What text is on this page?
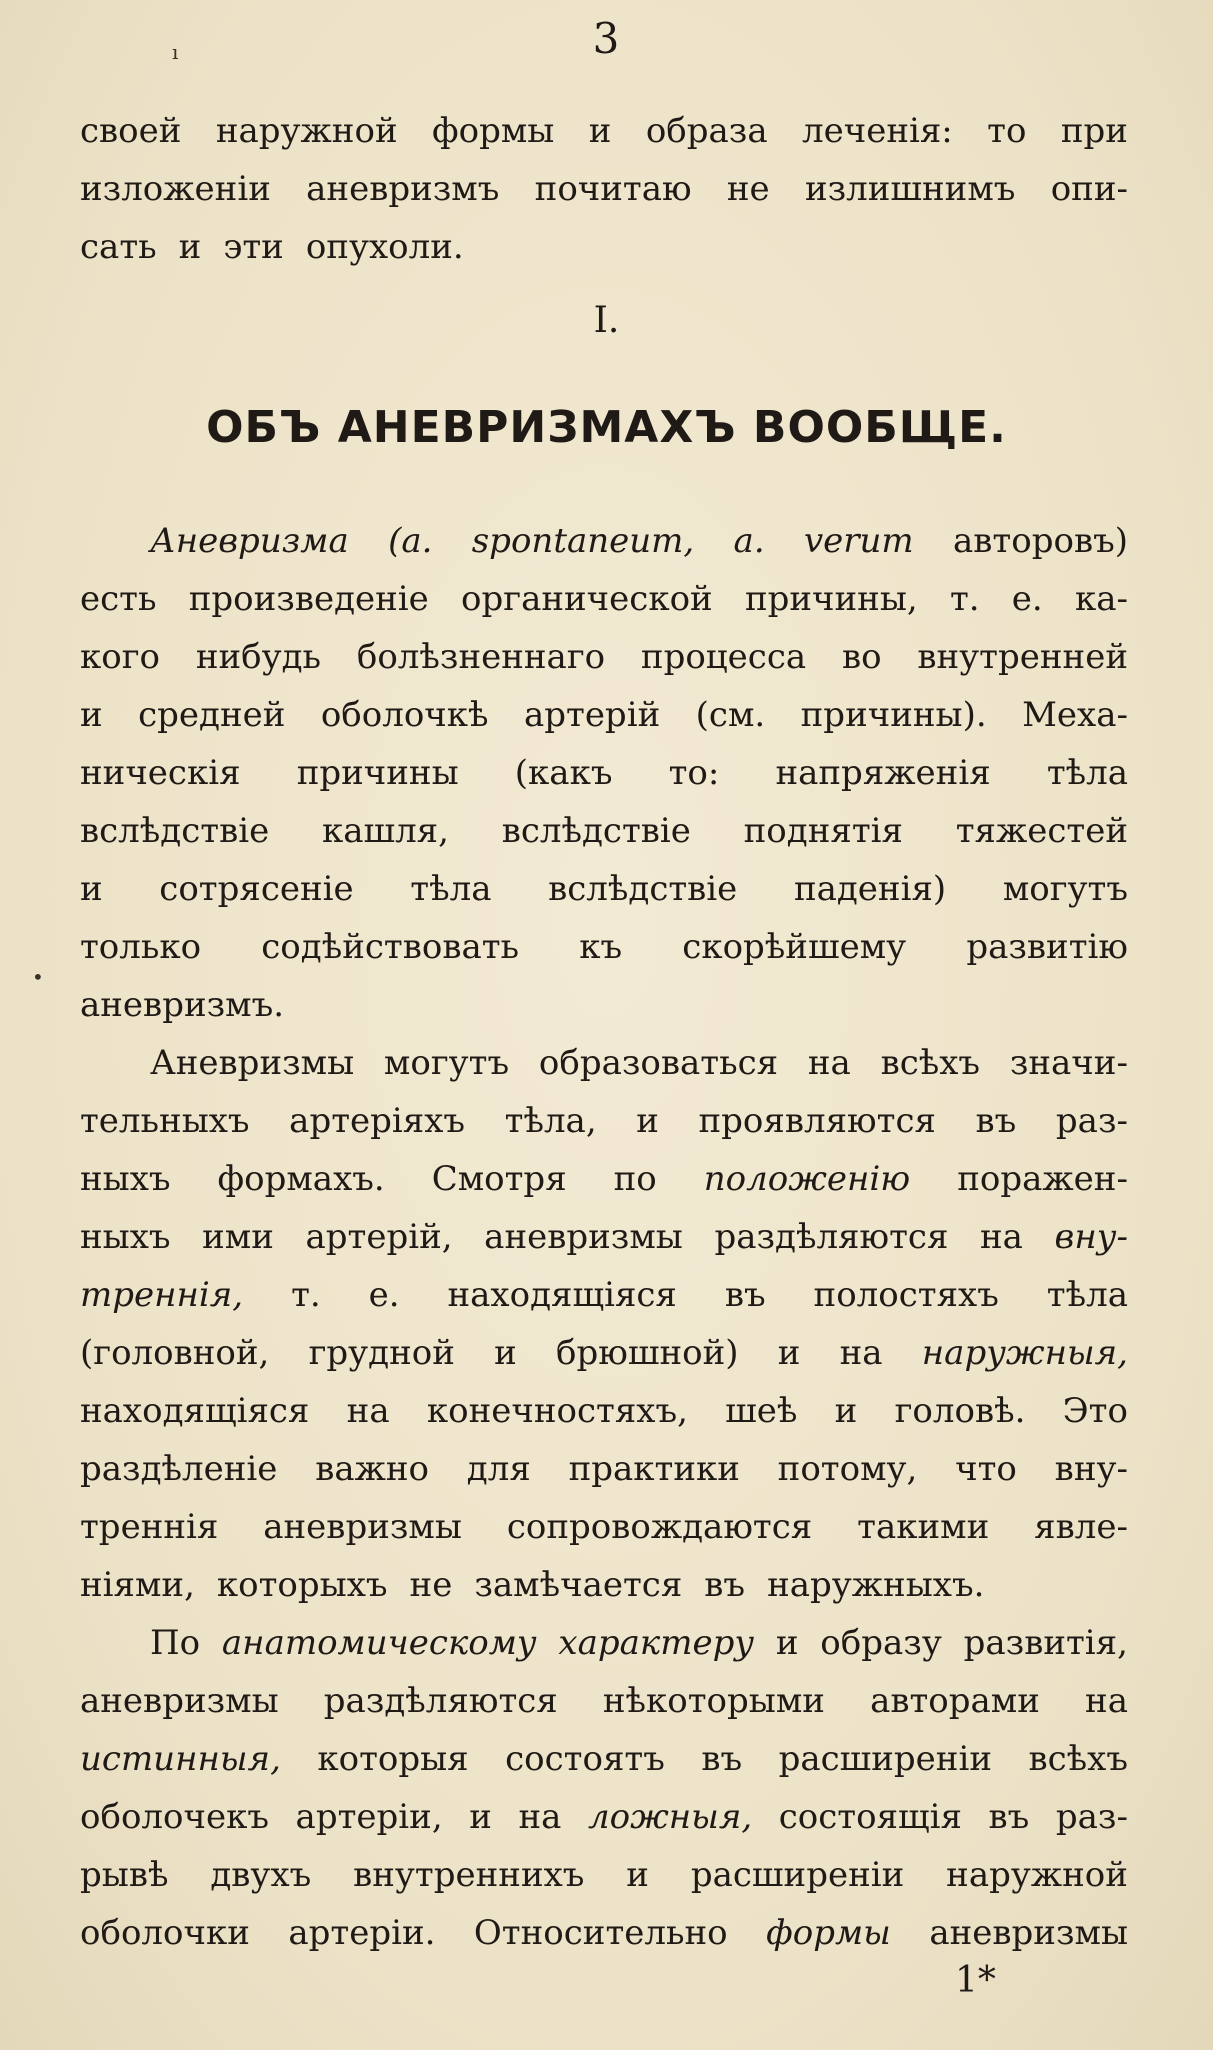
3
ı
•
своей наружной формы и образа леченія: то при
изложеніи аневризмъ почитаю не излишнимъ опи-
сать и эти опухоли.
I.
ОБЪ АНЕВРИЗМАХЪ ВООБЩЕ.
Аневризма (а. spontaneum, a. verum авторовъ)
есть произведеніе органической причины, т. е. ка-
кого нибудь болѣзненнаго процесса во внутренней
и средней оболочкѣ артерій (см. причины). Меха-
ническія причины (какъ то: напряженія тѣла
вслѣдствіе кашля, вслѣдствіе поднятія тяжестей
и сотрясеніе тѣла вслѣдствіе паденія) могутъ
только содѣйствовать къ скорѣйшему развитію
аневризмъ.
Аневризмы могутъ образоваться на всѣхъ значи-
тельныхъ артеріяхъ тѣла, и проявляются въ раз-
ныхъ формахъ. Смотря по положенію поражен-
ныхъ ими артерій, аневризмы раздѣляются на вну-
треннія, т. е. находящіяся въ полостяхъ тѣла
(головной, грудной и брюшной) и на наружныя,
находящіяся на конечностяхъ, шеѣ и головѣ. Это
раздѣленіе важно для практики потому, что вну-
треннія аневризмы сопровождаются такими явле-
ніями, которыхъ не замѣчается въ наружныхъ.
По анатомическому характеру и образу развитія,
аневризмы раздѣляются нѣкоторыми авторами на
истинныя, которыя состоятъ въ расширеніи всѣхъ
оболочекъ артеріи, и на ложныя, состоящія въ раз-
рывѣ двухъ внутреннихъ и расширеніи наружной
оболочки артеріи. Относительно формы аневризмы
1*
